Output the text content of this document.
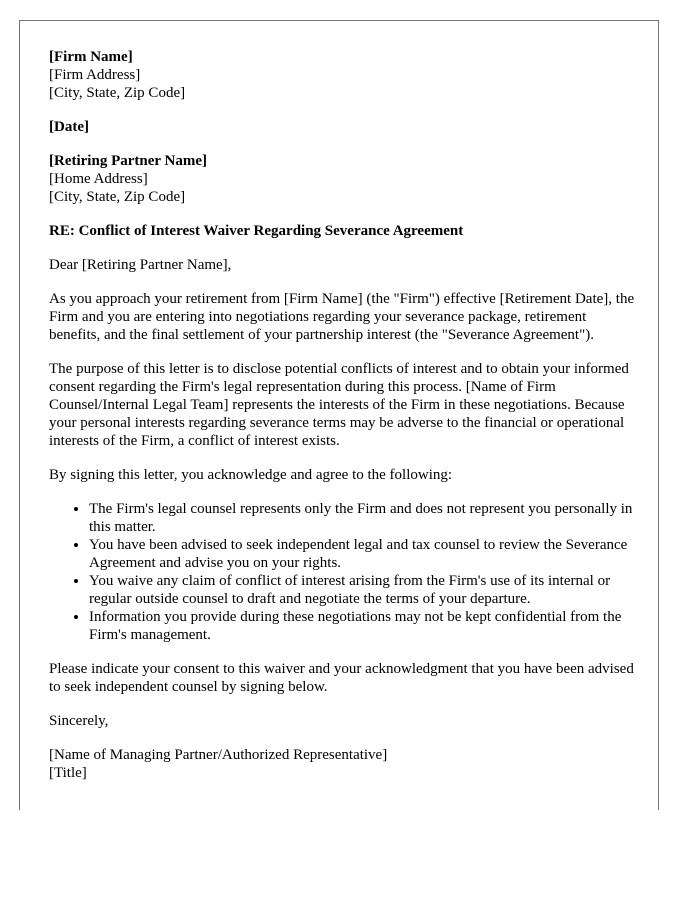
[Firm Name]
[Firm Address]
[City, State, Zip Code]
[Date]
[Retiring Partner Name]
[Home Address]
[City, State, Zip Code]

RE: Conflict of Interest Waiver Regarding Severance Agreement

Dear [Retiring Partner Name],

As you approach your retirement from [Firm Name] (the "Firm") effective [Retirement Date], the Firm and you are entering into negotiations regarding your severance package, retirement benefits, and the final settlement of your partnership interest (the "Severance Agreement").

The purpose of this letter is to disclose potential conflicts of interest and to obtain your informed consent regarding the Firm's legal representation during this process. [Name of Firm Counsel/Internal Legal Team] represents the interests of the Firm in these negotiations. Because your personal interests regarding severance terms may be adverse to the financial or operational interests of the Firm, a conflict of interest exists.

By signing this letter, you acknowledge and agree to the following:

• The Firm's legal counsel represents only the Firm and does not represent you personally in this matter.
• You have been advised to seek independent legal and tax counsel to review the Severance Agreement and advise you on your rights.
• You waive any claim of conflict of interest arising from the Firm's use of its internal or regular outside counsel to draft and negotiate the terms of your departure.
• Information you provide during these negotiations may not be kept confidential from the Firm's management.

Please indicate your consent to this waiver and your acknowledgment that you have been advised to seek independent counsel by signing below.

Sincerely,

[Name of Managing Partner/Authorized Representative]
[Title]
